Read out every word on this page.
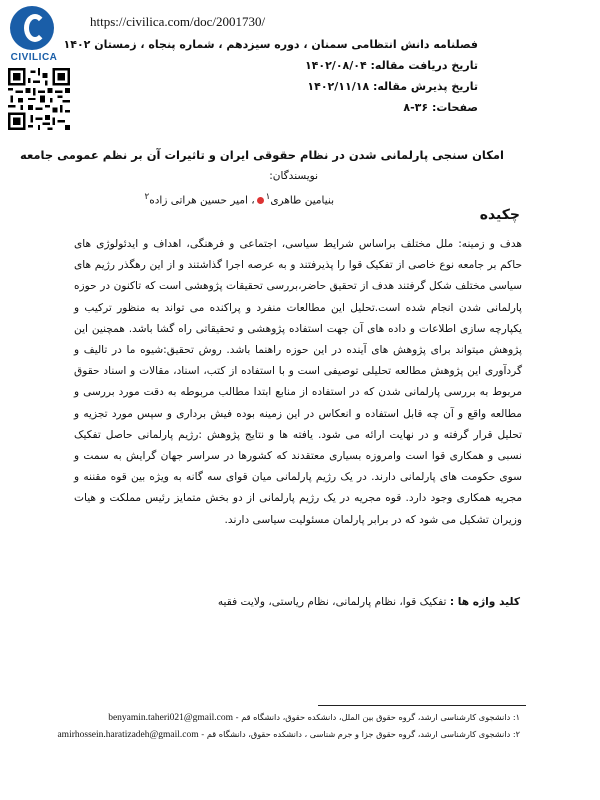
CIVILICA
https://civilica.com/doc/2001730/
فصلنامه دانش انتظامی سمنان ، دوره سیزدهم ، شماره پنجاه ، زمستان ۱۴۰۲
تاریخ دریافت مقاله: ۱۴۰۲/۰۸/۰۴
تاریخ پذیرش مقاله: ۱۴۰۲/۱۱/۱۸
صفحات: ۳۶-۸
امکان سنجی پارلمانی شدن در نظام حقوقی ایران و تاثیرات آن بر نظم عمومی جامعه
نویسندگان:
بنیامین طاهری$^۱$، امیر حسین هراتی زاده$^۲$
چکیده
هدف و زمینه: ملل مختلف براساس شرایط سیاسی، اجتماعی و فرهنگی، اهداف و ایدئولوژی های حاکم بر جامعه نوع خاصی از تفکیک قوا را پذیرفتند و به عرصه اجرا گذاشتند و از این رهگذر رژیم های سیاسی مختلف شکل گرفتند هدف از تحقیق حاضر،بررسی تحقیقات پژوهشی است که تاکنون در حوزه پارلمانی شدن انجام شده است.تحلیل این مطالعات منفرد و پراکنده می تواند به منظور ترکیب و یکپارچه سازی اطلاعات و داده های آن جهت استفاده پژوهشی و تحقیقاتی راه گشا باشد. همچنین این پژوهش میتواند برای پژوهش های آینده در این حوزه راهنما باشد. روش تحقیق:شیوه ما در تالیف و گردآوری این پژوهش مطالعه تحلیلی توصیفی است و با استفاده از کتب، اسناد، مقالات و اسناد حقوق مربوط به بررسی پارلمانی شدن که در استفاده از منابع ابتدا مطالب مربوطه به دقت مورد بررسی و مطالعه واقع و آن چه قابل استفاده و انعکاس در این زمینه بوده فیش برداری و سپس مورد تجزیه و تحلیل قرار گرفته و در نهایت ارائه می شود. یافته ها و نتایج پژوهش :رژیم پارلمانی حاصل تفکیک نسبی و همکاری قوا است وامروزه بسیاری معتقدند که کشورها در سراسر جهان گرایش به سمت و سوی حکومت های پارلمانی دارند. در یک رژیم پارلمانی میان قوای سه گانه به ویژه بین قوه مقننه و مجریه همکاری وجود دارد. قوه مجریه در یک رژیم پارلمانی از دو بخش متمایز رئیس مملکت و هیات وزیران تشکیل می شود که در برابر پارلمان مسئولیت سیاسی دارند.
کلید واژه ها : تفکیک قوا، نظام پارلمانی، نظام ریاستی، ولایت فقیه
۱: دانشجوی کارشناسی ارشد، گروه حقوق بین الملل، دانشکده حقوق، دانشگاه قم - benyamin.taheri021@gmail.com
۲: دانشجوی کارشناسی ارشد، گروه حقوق جزا و جرم شناسی ، دانشکده حقوق، دانشگاه قم - amirhossein.haratizadeh@gmail.com
